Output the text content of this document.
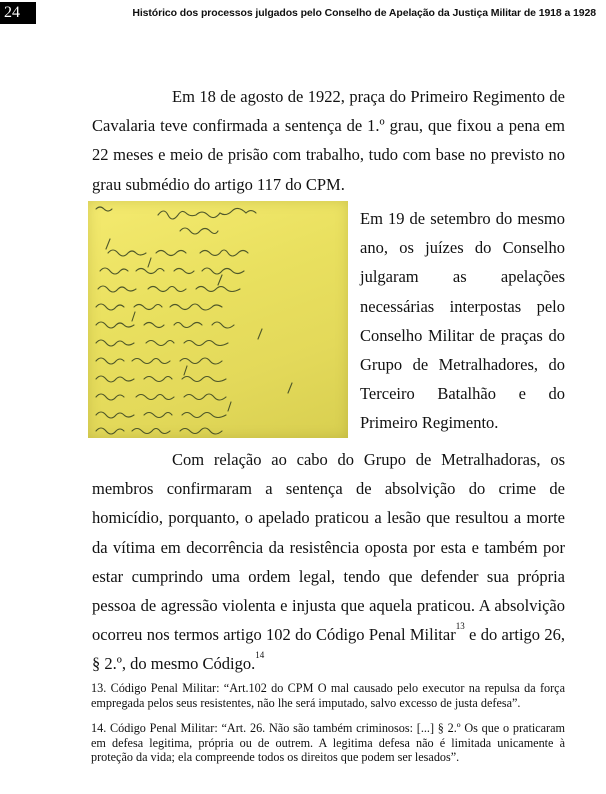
24	Histórico dos processos julgados pelo Conselho de Apelação da Justiça Militar de 1918 a 1928

Em 18 de agosto de 1922, praça do Primeiro Regimento de Cavalaria teve confirmada a sentença de 1.º grau, que fixou a pena em 22 meses e meio de prisão com trabalho, tudo com base no previsto no grau submédio do artigo 117 do CPM.

Em 19 de setembro do mesmo ano, os juízes do Conselho julgaram as apelações necessárias interpostas pelo Conselho Militar de praças do Grupo de Metralhadores, do Terceiro Batalhão e do Primeiro Regimento.

Com relação ao cabo do Grupo de Metralhadoras, os membros confirmaram a sentença de absolvição do crime de homicídio, porquanto, o apelado praticou a lesão que resultou a morte da vítima em decorrência da resistência oposta por esta e também por estar cumprindo uma ordem legal, tendo que defender sua própria pessoa de agressão violenta e injusta que aquela praticou. A absolvição ocorreu nos termos artigo 102 do Código Penal Militar$^{13}$ e do artigo 26, § 2.º, do mesmo Código.$^{14}$

13. Código Penal Militar: “Art.102 do CPM O mal causado pelo executor na repulsa da força empregada pelos seus resistentes, não lhe será imputado, salvo excesso de justa defesa”.

14. Código Penal Militar: “Art. 26. Não são também criminosos: [...] § 2.º Os que o praticaram em defesa legitima, própria ou de outrem. A legitima defesa não é limitada unicamente à proteção da vida; ela compreende todos os direitos que podem ser lesados”.
